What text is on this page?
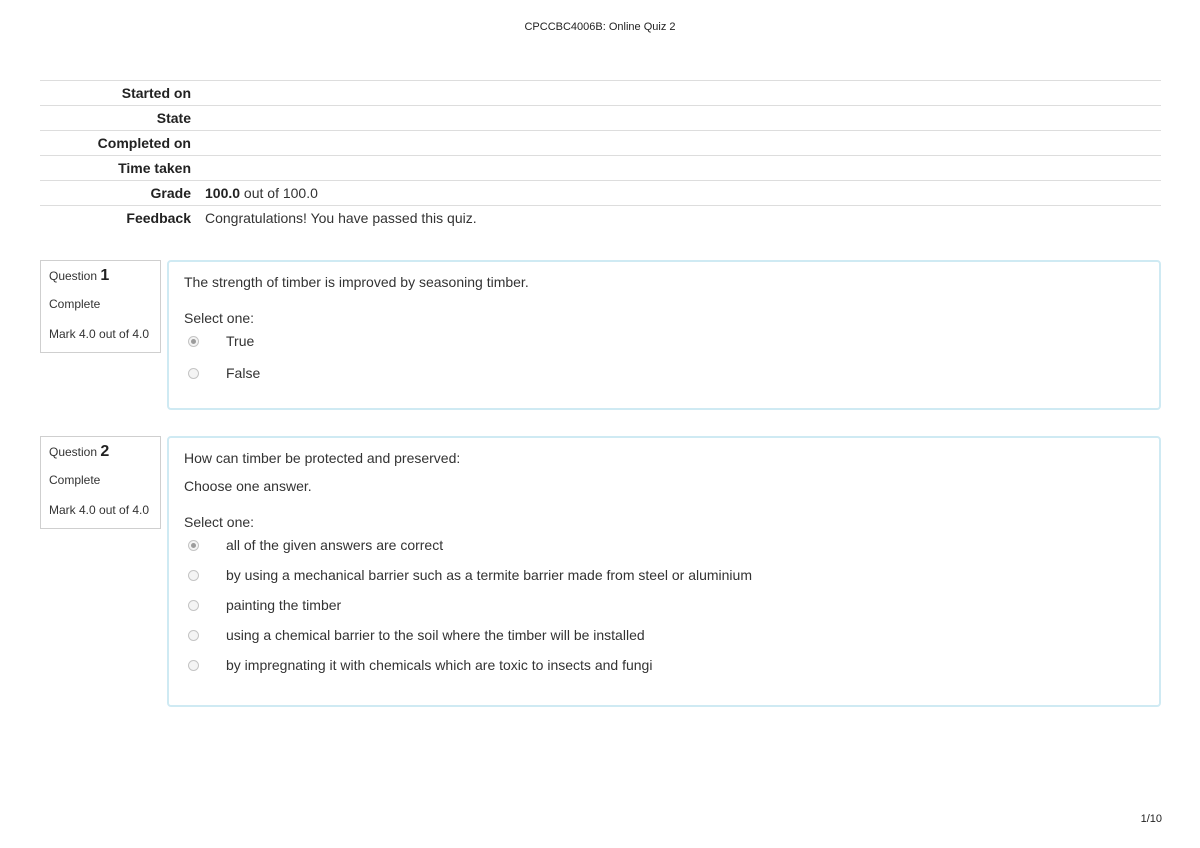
CPCCBC4006B: Online Quiz 2
Started on
State
Completed on
Time taken
Grade	100.0 out of 100.0
Feedback	Congratulations! You have passed this quiz.
Question 1
Complete
Mark 4.0 out of 4.0

The strength of timber is improved by seasoning timber.

Select one:
True
False
Question 2
Complete
Mark 4.0 out of 4.0

How can timber be protected and preserved:

Choose one answer.

Select one:
all of the given answers are correct
by using a mechanical barrier such as a termite barrier made from steel or aluminium
painting the timber
using a chemical barrier to the soil where the timber will be installed
by impregnating it with chemicals which are toxic to insects and fungi
1/10
